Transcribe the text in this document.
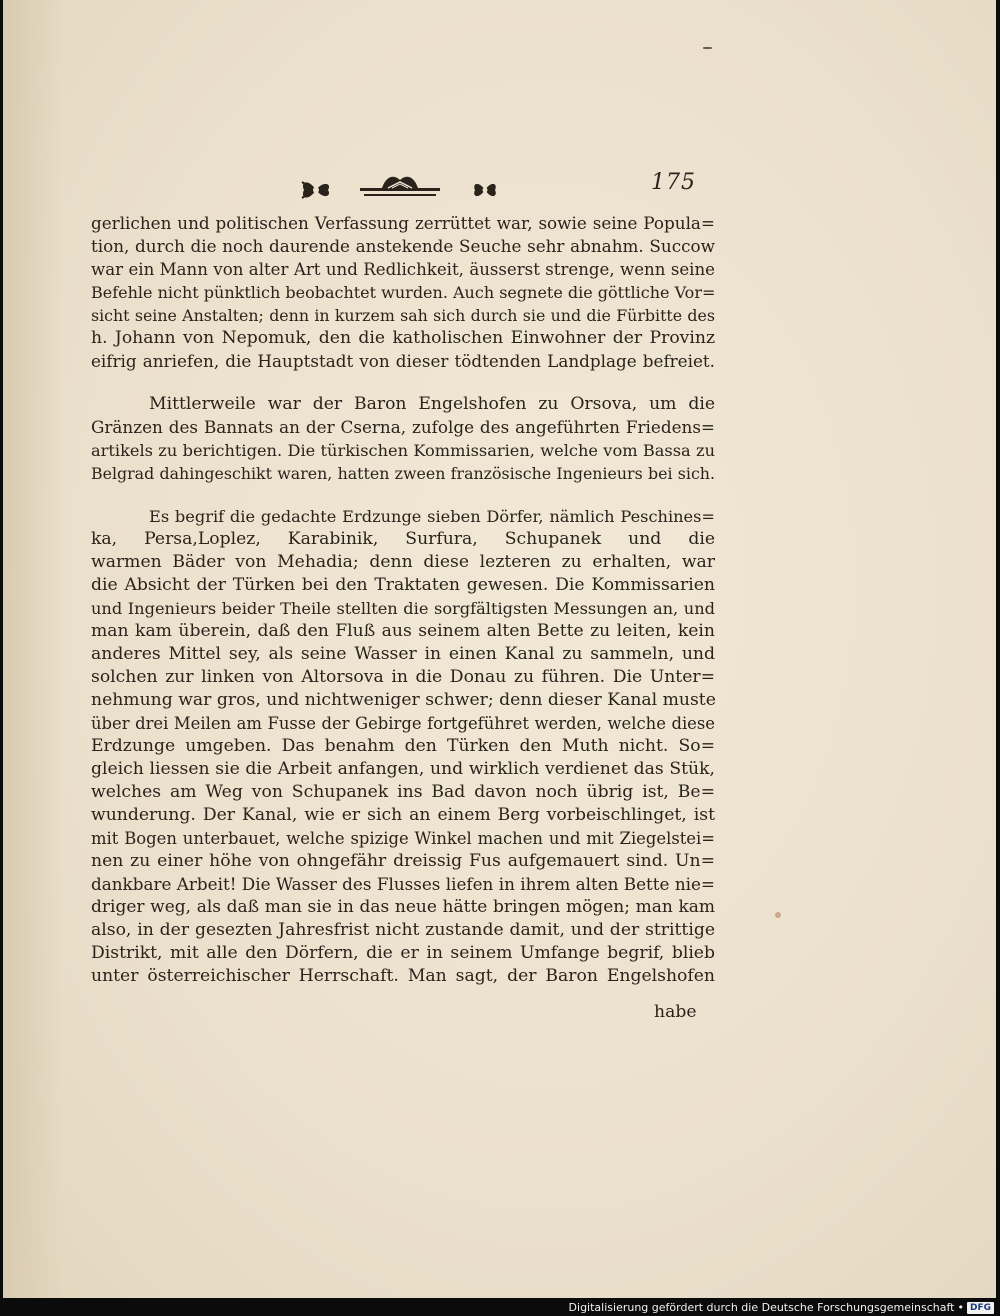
175
gerlichen und politischen Verfassung zerrüttet war, sowie seine Popula=
tion, durch die noch daurende anstekende Seuche sehr abnahm. Succow
war ein Mann von alter Art und Redlichkeit, äusserst strenge, wenn seine
Befehle nicht pünktlich beobachtet wurden. Auch segnete die göttliche Vor=
sicht seine Anstalten; denn in kurzem sah sich durch sie und die Fürbitte des
h. Johann von Nepomuk, den die katholischen Einwohner der Provinz
eifrig anriefen, die Hauptstadt von dieser tödtenden Landplage befreiet.
Mittlerweile war der Baron Engelshofen zu Orsova, um die
Gränzen des Bannats an der Cserna, zufolge des angeführten Friedens=
artikels zu berichtigen. Die türkischen Kommissarien, welche vom Bassa zu
Belgrad dahingeschikt waren, hatten zween französische Ingenieurs bei sich.
Es begrif die gedachte Erdzunge sieben Dörfer, nämlich Peschines=
ka, Persa,Loplez, Karabinik, Surfura, Schupanek und die
warmen Bäder von Mehadia; denn diese lezteren zu erhalten, war
die Absicht der Türken bei den Traktaten gewesen. Die Kommissarien
und Ingenieurs beider Theile stellten die sorgfältigsten Messungen an, und
man kam überein, daß den Fluß aus seinem alten Bette zu leiten, kein
anderes Mittel sey, als seine Wasser in einen Kanal zu sammeln, und
solchen zur linken von Altorsova in die Donau zu führen. Die Unter=
nehmung war gros, und nichtweniger schwer; denn dieser Kanal muste
über drei Meilen am Fusse der Gebirge fortgeführet werden, welche diese
Erdzunge umgeben. Das benahm den Türken den Muth nicht. So=
gleich liessen sie die Arbeit anfangen, und wirklich verdienet das Stük,
welches am Weg von Schupanek ins Bad davon noch übrig ist, Be=
wunderung. Der Kanal, wie er sich an einem Berg vorbeischlinget, ist
mit Bogen unterbauet, welche spizige Winkel machen und mit Ziegelstei=
nen zu einer höhe von ohngefähr dreissig Fus aufgemauert sind. Un=
dankbare Arbeit! Die Wasser des Flusses liefen in ihrem alten Bette nie=
driger weg, als daß man sie in das neue hätte bringen mögen; man kam
also, in der gesezten Jahresfrist nicht zustande damit, und der strittige
Distrikt, mit alle den Dörfern, die er in seinem Umfange begrif, blieb
unter österreichischer Herrschaft. Man sagt, der Baron Engelshofen
habe
Digitalisierung gefördert durch die Deutsche Forschungsgemeinschaft • DFG
